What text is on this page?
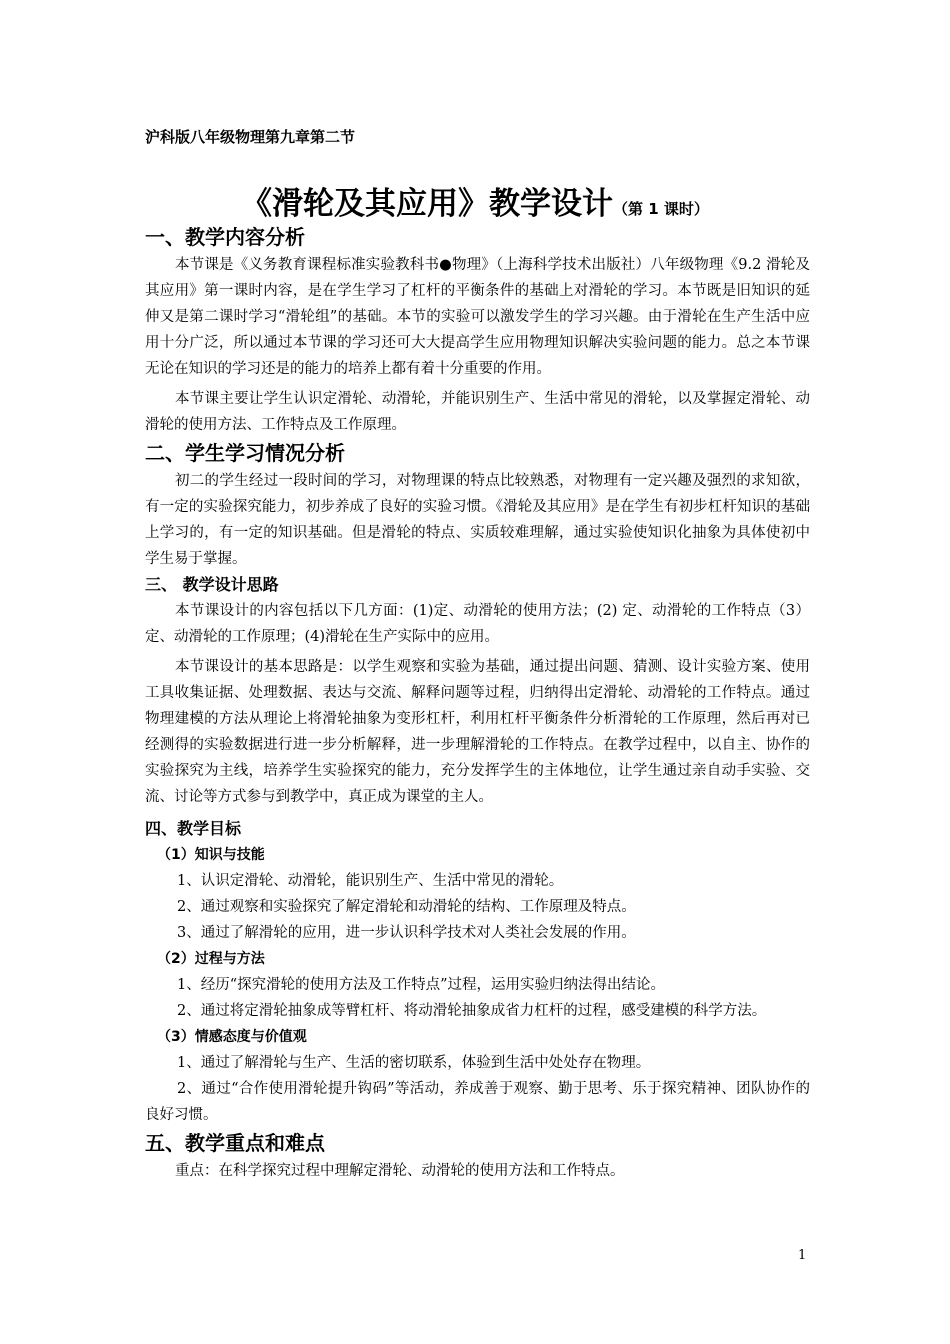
沪科版八年级物理第九章第二节
《滑轮及其应用》教学设计（第 1 课时）
一、教学内容分析

本节课是《义务教育课程标准实验教科书●物理》（上海科学技术出版社）八年级物理《9.2 滑轮及其应用》第一课时内容，是在学生学习了杠杆的平衡条件的基础上对滑轮的学习。本节既是旧知识的延伸又是第二课时学习“滑轮组”的基础。本节的实验可以激发学生的学习兴趣。由于滑轮在生产生活中应用十分广泛，所以通过本节课的学习还可大大提高学生应用物理知识解决实验问题的能力。总之本节课无论在知识的学习还是的能力的培养上都有着十分重要的作用。

本节课主要让学生认识定滑轮、动滑轮，并能识别生产、生活中常见的滑轮，以及掌握定滑轮、动滑轮的使用方法、工作特点及工作原理。

二、学生学习情况分析

初二的学生经过一段时间的学习，对物理课的特点比较熟悉，对物理有一定兴趣及强烈的求知欲，有一定的实验探究能力，初步养成了良好的实验习惯。《滑轮及其应用》是在学生有初步杠杆知识的基础上学习的，有一定的知识基础。但是滑轮的特点、实质较难理解，通过实验使知识化抽象为具体使初中学生易于掌握。

三、 教学设计思路

本节课设计的内容包括以下几方面：(1)定、动滑轮的使用方法；(2) 定、动滑轮的工作特点（3）定、动滑轮的工作原理；(4)滑轮在生产实际中的应用。

本节课设计的基本思路是：以学生观察和实验为基础，通过提出问题、猜测、设计实验方案、使用工具收集证据、处理数据、表达与交流、解释问题等过程，归纳得出定滑轮、动滑轮的工作特点。通过物理建模的方法从理论上将滑轮抽象为变形杠杆，利用杠杆平衡条件分析滑轮的工作原理，然后再对已经测得的实验数据进行进一步分析解释，进一步理解滑轮的工作特点。在教学过程中，以自主、协作的实验探究为主线，培养学生实验探究的能力，充分发挥学生的主体地位，让学生通过亲自动手实验、交流、讨论等方式参与到教学中，真正成为课堂的主人。

四、教学目标
（1）知识与技能

1、认识定滑轮、动滑轮，能识别生产、生活中常见的滑轮。

2、通过观察和实验探究了解定滑轮和动滑轮的结构、工作原理及特点。

3、通过了解滑轮的应用，进一步认识科学技术对人类社会发展的作用。

（2）过程与方法

1、经历“探究滑轮的使用方法及工作特点”过程，运用实验归纳法得出结论。

2、通过将定滑轮抽象成等臂杠杆、将动滑轮抽象成省力杠杆的过程，感受建模的科学方法。

（3）情感态度与价值观

1、通过了解滑轮与生产、生活的密切联系，体验到生活中处处存在物理。

2、通过“合作使用滑轮提升钩码”等活动，养成善于观察、勤于思考、乐于探究精神、团队协作的良好习惯。

五、教学重点和难点

重点：在科学探究过程中理解定滑轮、动滑轮的使用方法和工作特点。

1
